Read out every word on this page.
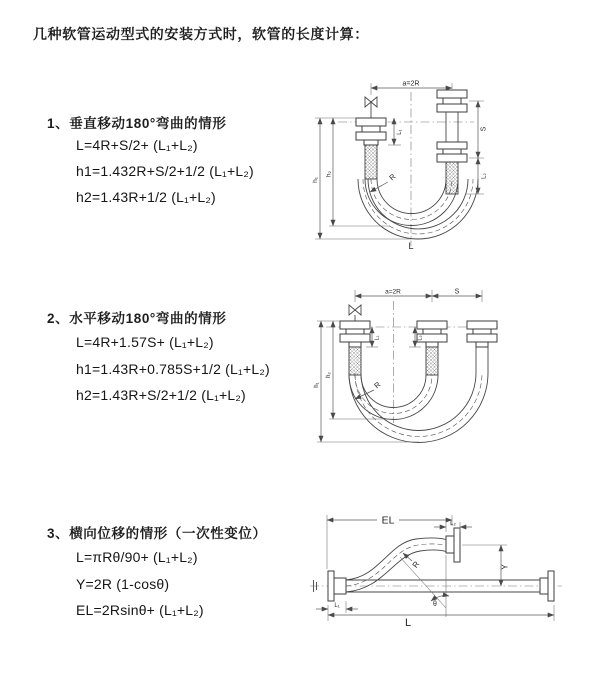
几种软管运动型式的安装方式时，软管的长度计算：
1、垂直移动180°弯曲的情形
L=4R+S/2+ (L₁+L₂)
h1=1.432R+S/2+1/2 (L₁+L₂)
h2=1.43R+1/2 (L₁+L₂)
a=2R
h₁
h₂
L₁
S
L₂
R
L
2、水平移动180°弯曲的情形
L=4R+1.57S+ (L₁+L₂)
h1=1.43R+0.785S+1/2 (L₁+L₂)
h2=1.43R+S/2+1/2 (L₁+L₂)
a=2R	S
h₁
h₂
L₁	L₂
R
3、横向位移的情形（一次性变位）
L=πRθ/90+ (L₁+L₂)
Y=2R (1-cosθ)
EL=2Rsinθ+ (L₁+L₂)
EL	L₂
Y
θ
R
L
L₁
